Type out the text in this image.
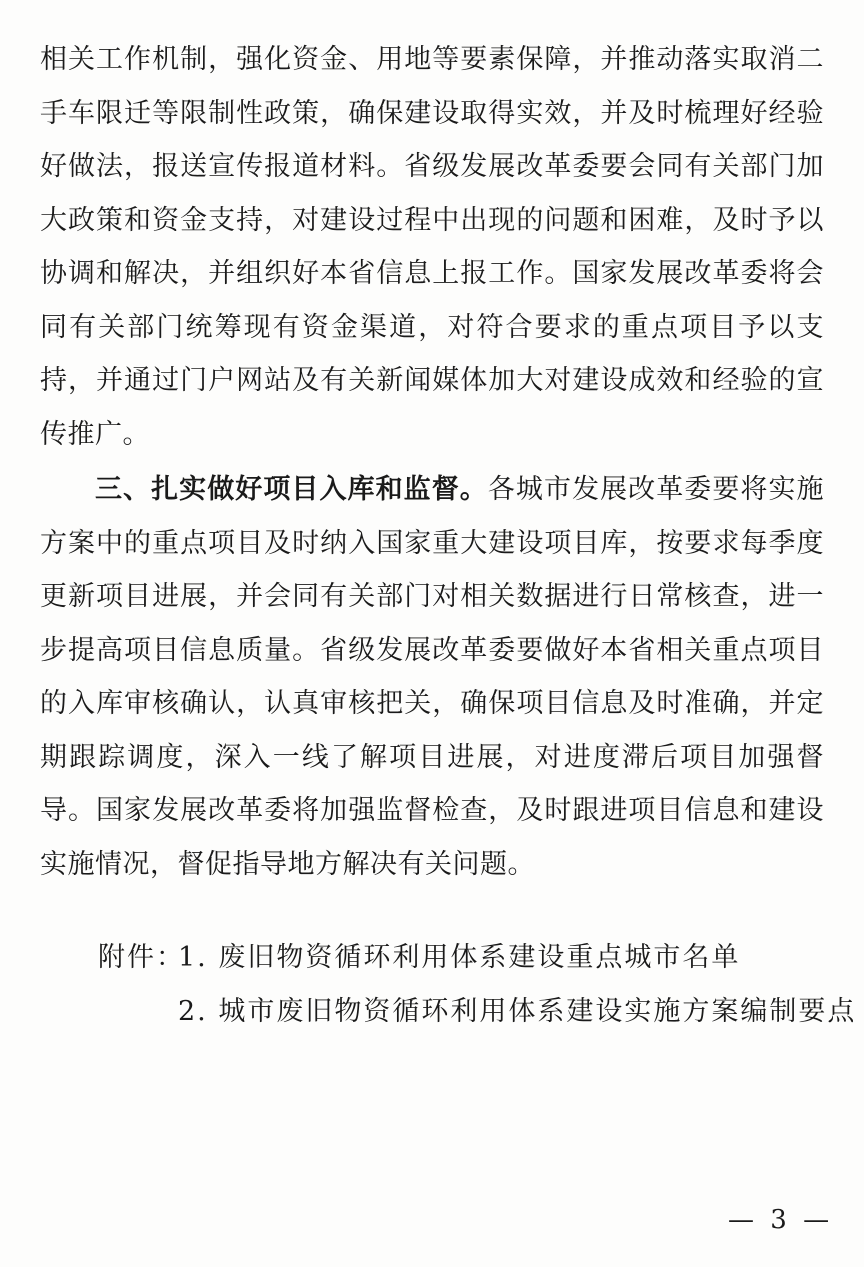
相关工作机制，强化资金、用地等要素保障，并推动落实取消二
手车限迁等限制性政策，确保建设取得实效，并及时梳理好经验
好做法，报送宣传报道材料。省级发展改革委要会同有关部门加
大政策和资金支持，对建设过程中出现的问题和困难，及时予以
协调和解决，并组织好本省信息上报工作。国家发展改革委将会
同有关部门统筹现有资金渠道，对符合要求的重点项目予以支
持，并通过门户网站及有关新闻媒体加大对建设成效和经验的宣
传推广。
三、扎实做好项目入库和监督。各城市发展改革委要将实施
方案中的重点项目及时纳入国家重大建设项目库，按要求每季度
更新项目进展，并会同有关部门对相关数据进行日常核查，进一
步提高项目信息质量。省级发展改革委要做好本省相关重点项目
的入库审核确认，认真审核把关，确保项目信息及时准确，并定
期跟踪调度，深入一线了解项目进展，对进度滞后项目加强督
导。国家发展改革委将加强监督检查，及时跟进项目信息和建设
实施情况，督促指导地方解决有关问题。
附件：
1. 废旧物资循环利用体系建设重点城市名单
2. 城市废旧物资循环利用体系建设实施方案编制要点
— 3 —
